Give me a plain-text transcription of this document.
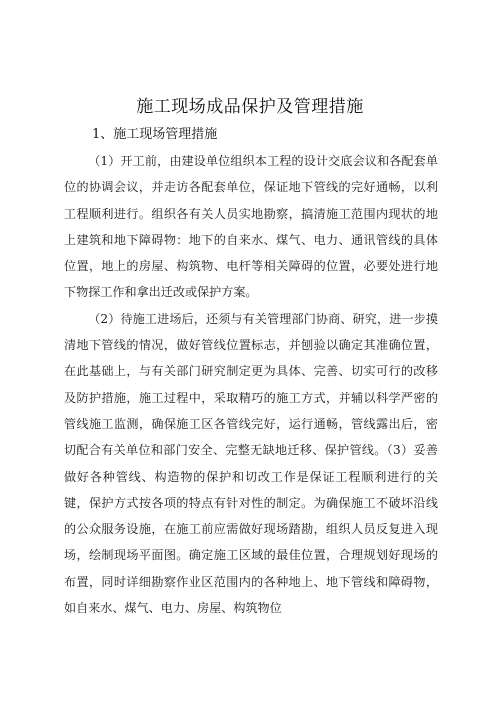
施工现场成品保护及管理措施
1、施工现场管理措施

（1）开工前，由建设单位组织本工程的设计交底会议和各配套单位的协调会议，并走访各配套单位，保证地下管线的完好通畅，以利工程顺利进行。组织各有关人员实地勘察，搞清施工范围内现状的地上建筑和地下障碍物：地下的自来水、煤气、电力、通讯管线的具体位置，地上的房屋、构筑物、电杆等相关障碍的位置，必要处进行地下物探工作和拿出迁改或保护方案。

（2）待施工进场后，还须与有关管理部门协商、研究，进一步摸清地下管线的情况，做好管线位置标志，并刨验以确定其准确位置，在此基础上，与有关部门研究制定更为具体、完善、切实可行的改移及防护措施，施工过程中，采取精巧的施工方式，并辅以科学严密的管线施工监测，确保施工区各管线完好，运行通畅，管线露出后，密切配合有关单位和部门安全、完整无缺地迁移、保护管线。（3）妥善做好各种管线、构造物的保护和切改工作是保证工程顺利进行的关键，保护方式按各项的特点有针对性的制定。为确保施工不破坏沿线的公众服务设施，在施工前应需做好现场踏勘，组织人员反复进入现场，绘制现场平面图。确定施工区域的最佳位置，合理规划好现场的布置，同时详细勘察作业区范围内的各种地上、地下管线和障碍物，如自来水、煤气、电力、房屋、构筑物位
